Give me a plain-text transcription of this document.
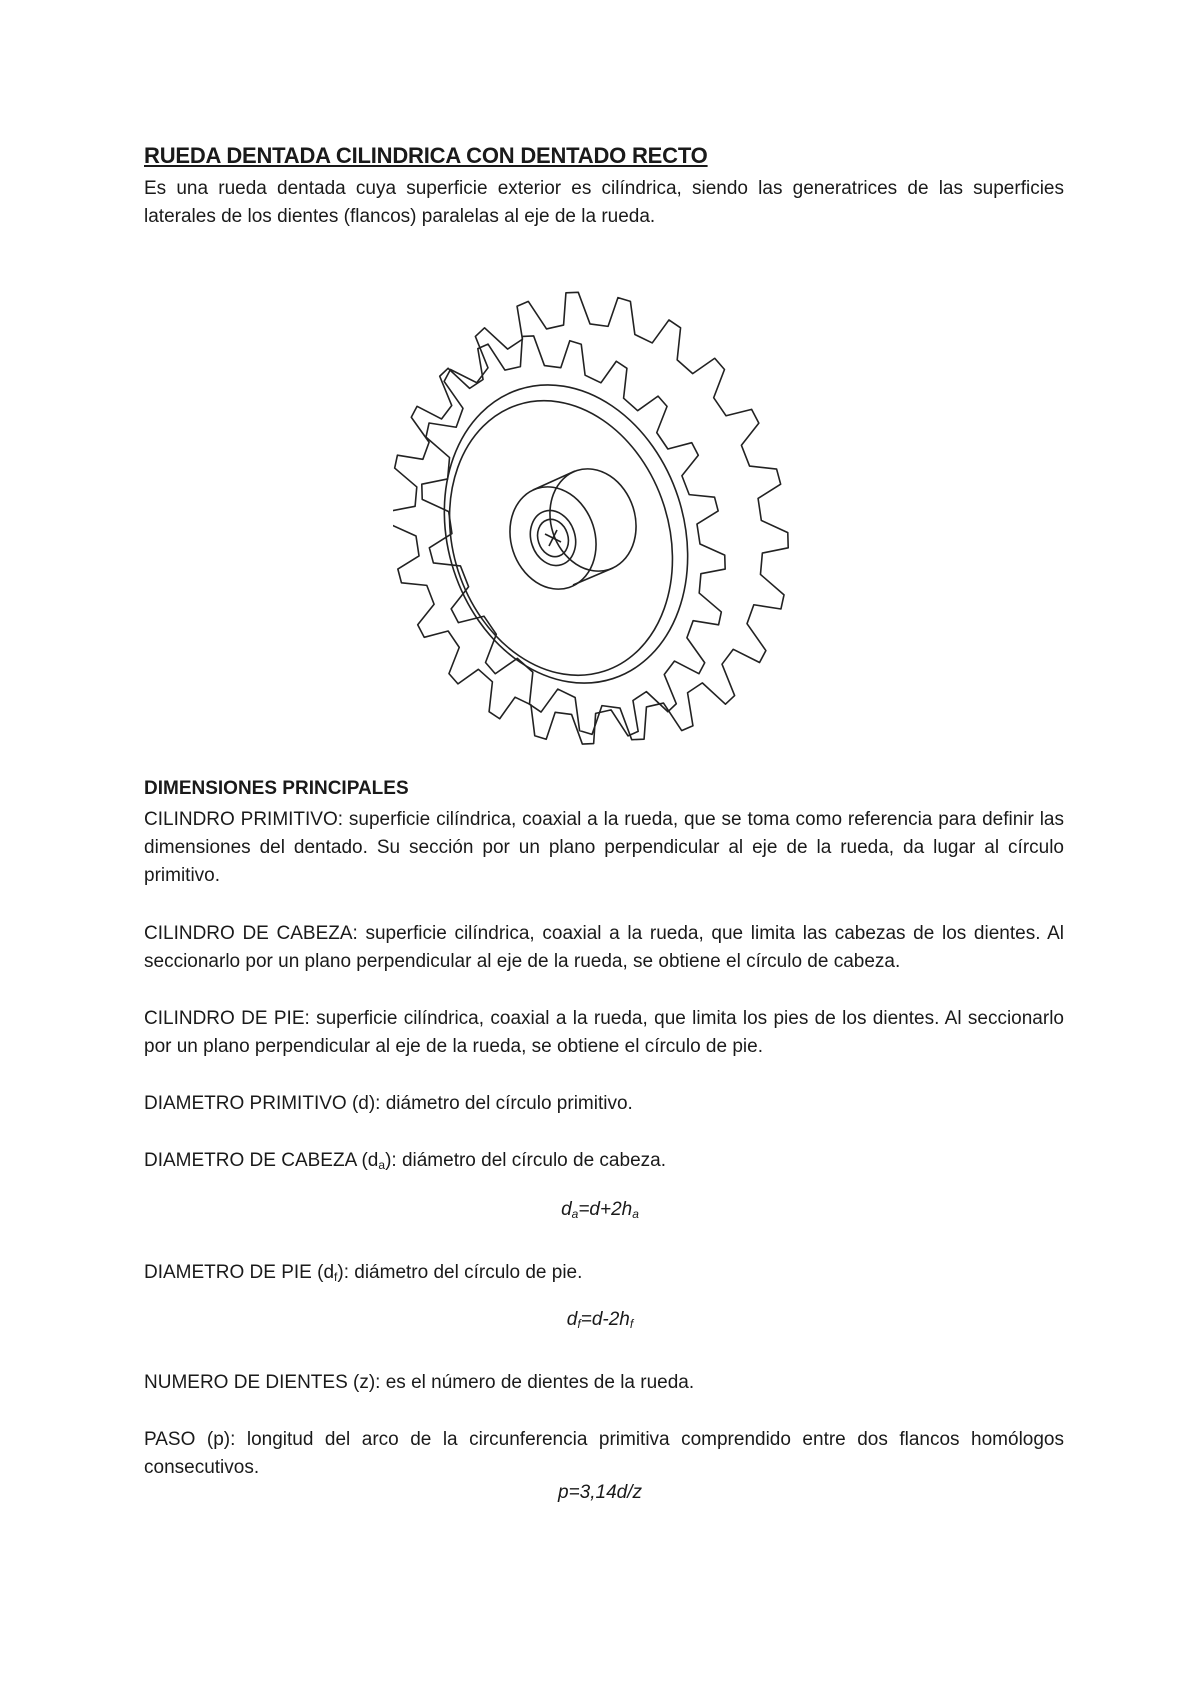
RUEDA DENTADA CILINDRICA CON DENTADO RECTO

Es una rueda dentada cuya superficie exterior es cilíndrica, siendo las generatrices de las superficies laterales de los dientes (flancos) paralelas al eje de la rueda.

DIMENSIONES PRINCIPALES

CILINDRO PRIMITIVO: superficie cilíndrica, coaxial a la rueda, que se toma como referencia para definir las dimensiones del dentado. Su sección por un plano perpendicular al eje de la rueda, da lugar al círculo primitivo.

CILINDRO DE CABEZA: superficie cilíndrica, coaxial a la rueda, que limita las cabezas de los dientes. Al seccionarlo por un plano perpendicular al eje de la rueda, se obtiene el círculo de cabeza.

CILINDRO DE PIE: superficie cilíndrica, coaxial a la rueda, que limita los pies de los dientes. Al seccionarlo por un plano perpendicular al eje de la rueda, se obtiene el círculo de pie.

DIAMETRO PRIMITIVO (d): diámetro del círculo primitivo.

DIAMETRO DE CABEZA $(d_a)$: diámetro del círculo de cabeza.

$d_a=d+2h_a$

DIAMETRO DE PIE $(d_f)$: diámetro del círculo de pie.

$d_f=d-2h_f$

NUMERO DE DIENTES (z): es el número de dientes de la rueda.

PASO (p): longitud del arco de la circunferencia primitiva comprendido entre dos flancos homólogos consecutivos.

p=3,14d/z
